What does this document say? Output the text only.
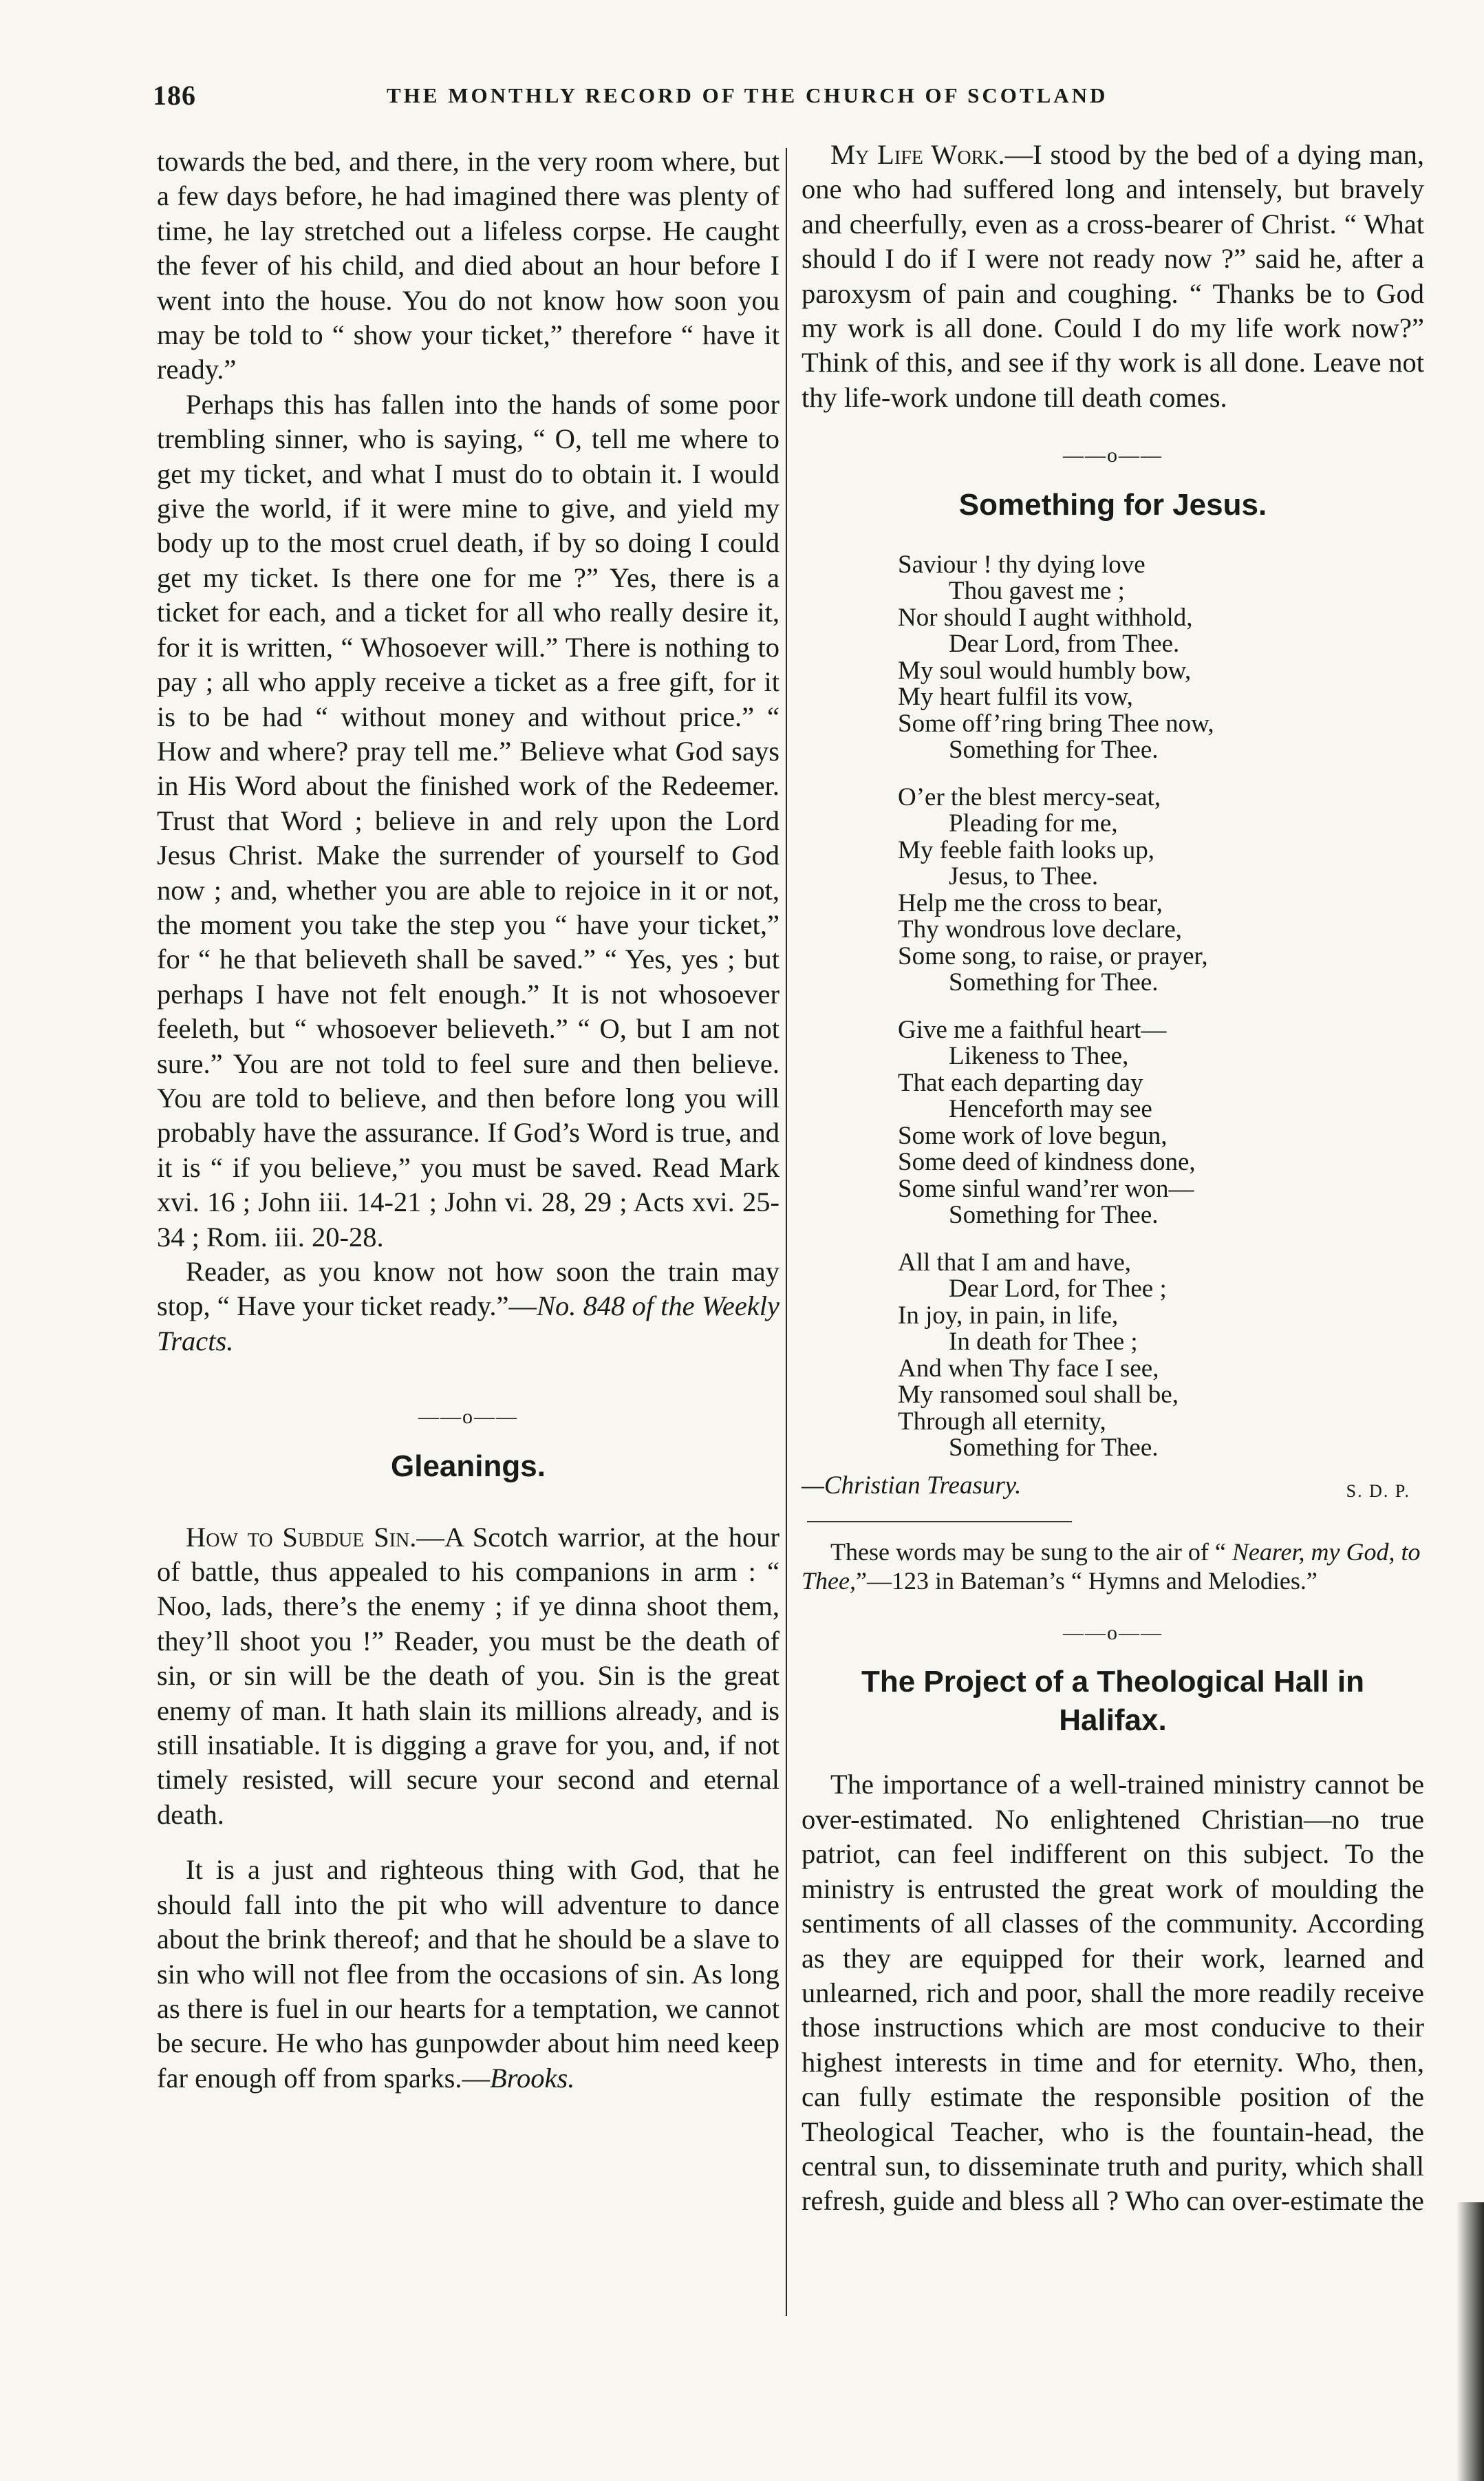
186	THE MONTHLY RECORD OF THE CHURCH OF SCOTLAND

towards the bed, and there, in the very room where, but a few days before, he had imagined there was plenty of time, he lay stretched out a lifeless corpse. He caught the fever of his child, and died about an hour before I went into the house. You do not know how soon you may be told to “ show your ticket,” therefore “ have it ready.”

Perhaps this has fallen into the hands of some poor trembling sinner, who is saying, “ O, tell me where to get my ticket, and what I must do to obtain it. I would give the world, if it were mine to give, and yield my body up to the most cruel death, if by so doing I could get my ticket. Is there one for me ?” Yes, there is a ticket for each, and a ticket for all who really desire it, for it is written, “ Whosoever will.” There is nothing to pay ; all who apply receive a ticket as a free gift, for it is to be had “ without money and without price.” “ How and where? pray tell me.” Believe what God says in His Word about the finished work of the Redeemer. Trust that Word ; believe in and rely upon the Lord Jesus Christ. Make the surrender of yourself to God now ; and, whether you are able to rejoice in it or not, the moment you take the step you “ have your ticket,” for “ he that believeth shall be saved.” “ Yes, yes ; but perhaps I have not felt enough.” It is not whosoever feeleth, but “ whosoever believeth.” “ O, but I am not sure.” You are not told to feel sure and then believe. You are told to believe, and then before long you will probably have the assurance. If God’s Word is true, and it is “ if you believe,” you must be saved. Read Mark xvi. 16 ; John iii. 14-21 ; John vi. 28, 29 ; Acts xvi. 25-34 ; Rom. iii. 20-28.

Reader, as you know not how soon the train may stop, “ Have your ticket ready.”—No. 848 of the Weekly Tracts.

——o——
Gleanings.

How to Subdue Sin.—A Scotch warrior, at the hour of battle, thus appealed to his companions in arm : “ Noo, lads, there’s the enemy ; if ye dinna shoot them, they’ll shoot you !” Reader, you must be the death of sin, or sin will be the death of you. Sin is the great enemy of man. It hath slain its millions already, and is still insatiable. It is digging a grave for you, and, if not timely resisted, will secure your second and eternal death.

It is a just and righteous thing with God, that he should fall into the pit who will adventure to dance about the brink thereof; and that he should be a slave to sin who will not flee from the occasions of sin. As long as there is fuel in our hearts for a temptation, we cannot be secure. He who has gunpowder about him need keep far enough off from sparks.—Brooks.

My Life Work.—I stood by the bed of a dying man, one who had suffered long and intensely, but bravely and cheerfully, even as a cross-bearer of Christ. “ What should I do if I were not ready now ?” said he, after a paroxysm of pain and coughing. “ Thanks be to God my work is all done. Could I do my life work now?” Think of this, and see if thy work is all done. Leave not thy life-work undone till death comes.

——o——
Something for Jesus.
Saviour ! thy dying love
Thou gavest me ;
Nor should I aught withhold,
Dear Lord, from Thee.
My soul would humbly bow,
My heart fulfil its vow,
Some off’ring bring Thee now,
Something for Thee.
O’er the blest mercy-seat,
Pleading for me,
My feeble faith looks up,
Jesus, to Thee.
Help me the cross to bear,
Thy wondrous love declare,
Some song, to raise, or prayer,
Something for Thee.
Give me a faithful heart—
Likeness to Thee,
That each departing day
Henceforth may see
Some work of love begun,
Some deed of kindness done,
Some sinful wand’rer won—
Something for Thee.
All that I am and have,
Dear Lord, for Thee ;
In joy, in pain, in life,
In death for Thee ;
And when Thy face I see,
My ransomed soul shall be,
Through all eternity,
Something for Thee.
S. D. P.
—Christian Treasury.

These words may be sung to the air of “ Nearer, my God, to Thee,”—123 in Bateman’s “ Hymns and Melodies.”

——o——
The Project of a Theological Hall in Halifax.

The importance of a well-trained ministry cannot be over-estimated. No enlightened Christian—no true patriot, can feel indifferent on this subject. To the ministry is entrusted the great work of moulding the sentiments of all classes of the community. According as they are equipped for their work, learned and unlearned, rich and poor, shall the more readily receive those instructions which are most conducive to their highest interests in time and for eternity. Who, then, can fully estimate the responsible position of the Theological Teacher, who is the fountain-head, the central sun, to disseminate truth and purity, which shall refresh, guide and bless all ? Who can over-estimate the
